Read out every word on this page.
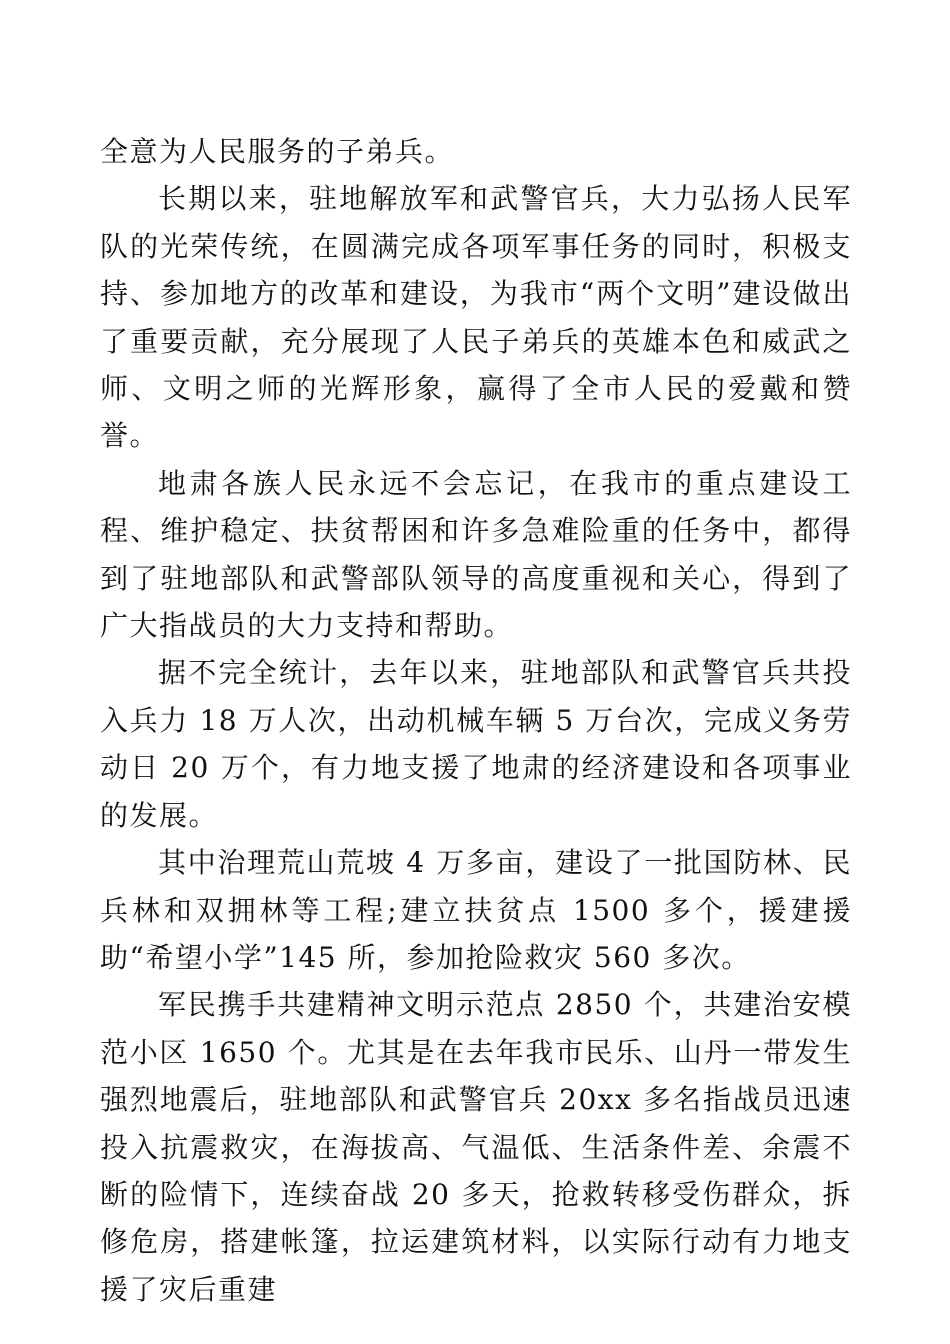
全意为人民服务的子弟兵。

长期以来，驻地解放军和武警官兵，大力弘扬人民军队的光荣传统，在圆满完成各项军事任务的同时，积极支持、参加地方的改革和建设，为我市“两个文明”建设做出了重要贡献，充分展现了人民子弟兵的英雄本色和威武之师、文明之师的光辉形象，赢得了全市人民的爱戴和赞誉。

地肃各族人民永远不会忘记，在我市的重点建设工程、维护稳定、扶贫帮困和许多急难险重的任务中，都得到了驻地部队和武警部队领导的高度重视和关心，得到了广大指战员的大力支持和帮助。

据不完全统计，去年以来，驻地部队和武警官兵共投入兵力 18 万人次，出动机械车辆 5 万台次，完成义务劳动日 20 万个，有力地支援了地肃的经济建设和各项事业的发展。

其中治理荒山荒坡 4 万多亩，建设了一批国防林、民兵林和双拥林等工程;建立扶贫点 1500 多个，援建援助“希望小学”145 所，参加抢险救灾 560 多次。

军民携手共建精神文明示范点 2850 个，共建治安模范小区 1650 个。尤其是在去年我市民乐、山丹一带发生强烈地震后，驻地部队和武警官兵 20xx 多名指战员迅速投入抗震救灾，在海拔高、气温低、生活条件差、余震不断的险情下，连续奋战 20 多天，抢救转移受伤群众，拆修危房，搭建帐篷，拉运建筑材料，以实际行动有力地支援了灾后重建
